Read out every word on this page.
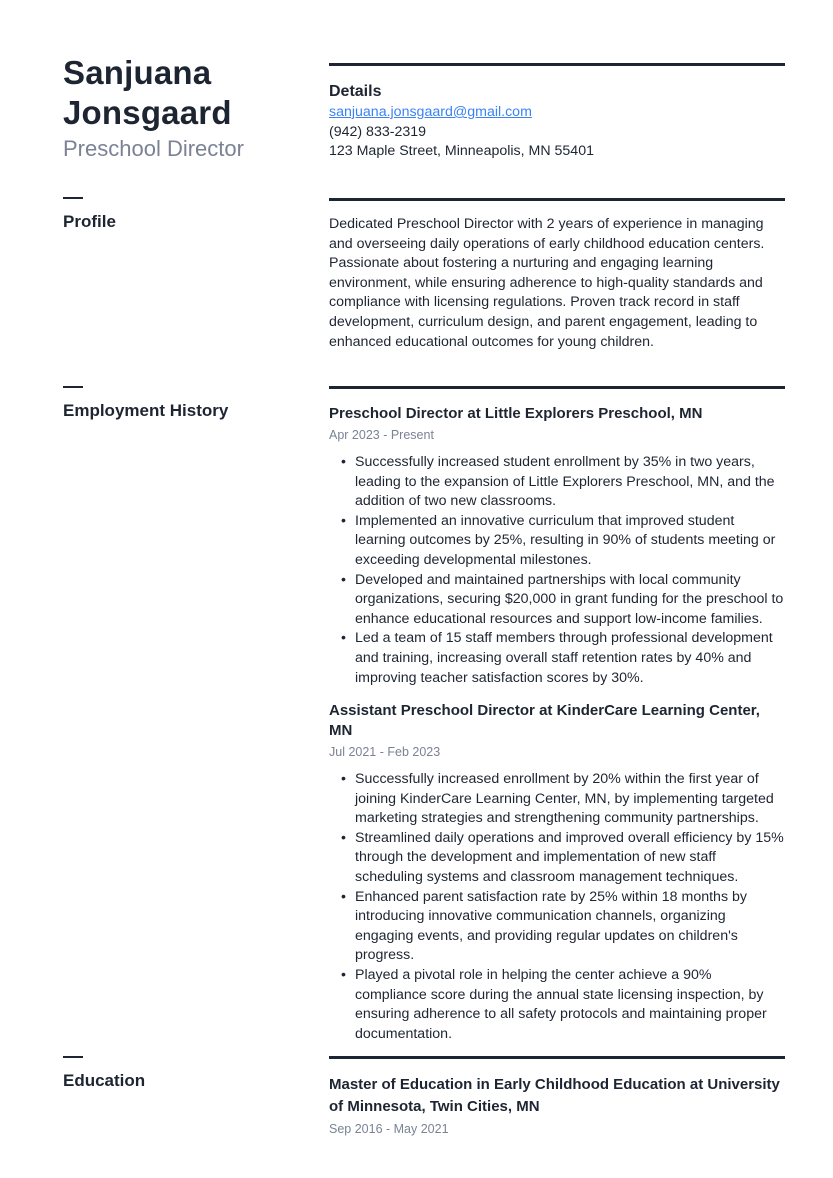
Sanjuana
Jonsgaard
Preschool Director
Details
sanjuana.jonsgaard@gmail.com
(942) 833-2319
123 Maple Street, Minneapolis, MN 55401
Profile	Dedicated Preschool Director with 2 years of experience in managing and overseeing daily operations of early childhood education centers. Passionate about fostering a nurturing and engaging learning environment, while ensuring adherence to high-quality standards and compliance with licensing regulations. Proven track record in staff development, curriculum design, and parent engagement, leading to enhanced educational outcomes for young children.
Employment History	Preschool Director at Little Explorers Preschool, MN
Apr 2023 - Present
• Successfully increased student enrollment by 35% in two years, leading to the expansion of Little Explorers Preschool, MN, and the addition of two new classrooms.
• Implemented an innovative curriculum that improved student learning outcomes by 25%, resulting in 90% of students meeting or exceeding developmental milestones.
• Developed and maintained partnerships with local community organizations, securing $20,000 in grant funding for the preschool to enhance educational resources and support low-income families.
• Led a team of 15 staff members through professional development and training, increasing overall staff retention rates by 40% and improving teacher satisfaction scores by 30%.
Assistant Preschool Director at KinderCare Learning Center, MN
Jul 2021 - Feb 2023
• Successfully increased enrollment by 20% within the first year of joining KinderCare Learning Center, MN, by implementing targeted marketing strategies and strengthening community partnerships.
• Streamlined daily operations and improved overall efficiency by 15% through the development and implementation of new staff scheduling systems and classroom management techniques.
• Enhanced parent satisfaction rate by 25% within 18 months by introducing innovative communication channels, organizing engaging events, and providing regular updates on children's progress.
• Played a pivotal role in helping the center achieve a 90% compliance score during the annual state licensing inspection, by ensuring adherence to all safety protocols and maintaining proper documentation.
Education	Master of Education in Early Childhood Education at University of Minnesota, Twin Cities, MN
Sep 2016 - May 2021
